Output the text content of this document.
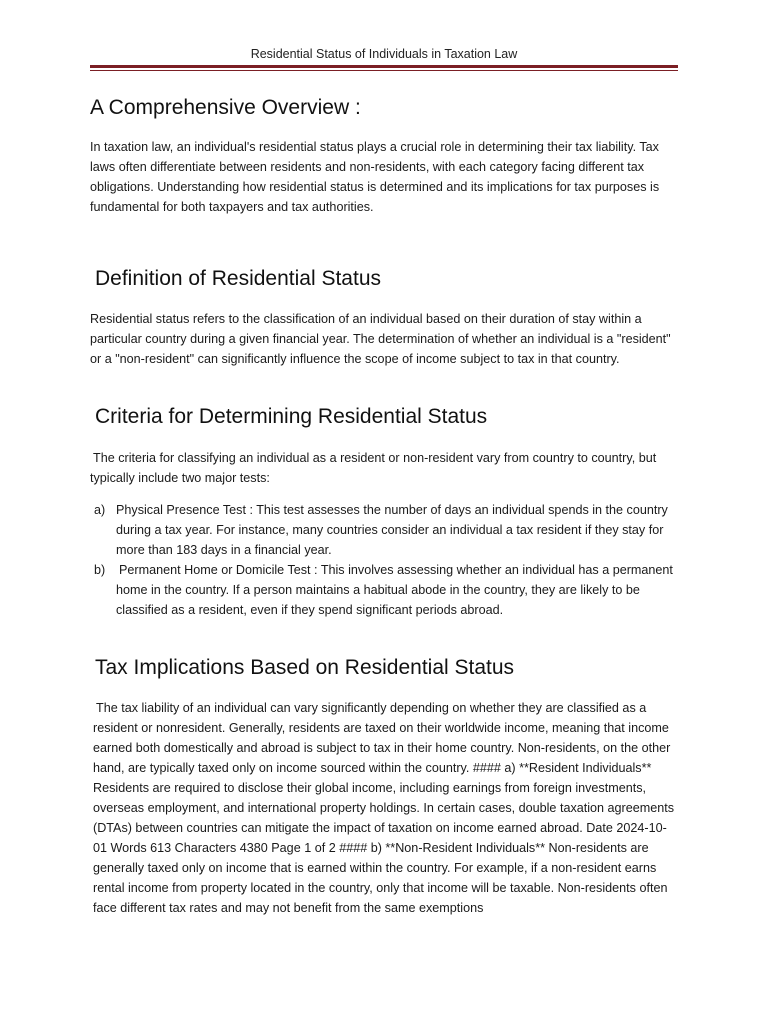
Residential Status of Individuals in Taxation Law
A Comprehensive Overview :

In taxation law, an individual's residential status plays a crucial role in determining their tax liability. Tax laws often differentiate between residents and non-residents, with each category facing different tax obligations. Understanding how residential status is determined and its implications for tax purposes is fundamental for both taxpayers and tax authorities.

Definition of Residential Status

Residential status refers to the classification of an individual based on their duration of stay within a particular country during a given financial year. The determination of whether an individual is a "resident" or a "non-resident" can significantly influence the scope of income subject to tax in that country.

Criteria for Determining Residential Status

The criteria for classifying an individual as a resident or non-resident vary from country to country, but typically include two major tests:

a) Physical Presence Test : This test assesses the number of days an individual spends in the country during a tax year. For instance, many countries consider an individual a tax resident if they stay for more than 183 days in a financial year.
b) Permanent Home or Domicile Test : This involves assessing whether an individual has a permanent home in the country. If a person maintains a habitual abode in the country, they are likely to be classified as a resident, even if they spend significant periods abroad.
Tax Implications Based on Residential Status

The tax liability of an individual can vary significantly depending on whether they are classified as a resident or nonresident. Generally, residents are taxed on their worldwide income, meaning that income earned both domestically and abroad is subject to tax in their home country. Non-residents, on the other hand, are typically taxed only on income sourced within the country. #### a) **Resident Individuals** Residents are required to disclose their global income, including earnings from foreign investments, overseas employment, and international property holdings. In certain cases, double taxation agreements (DTAs) between countries can mitigate the impact of taxation on income earned abroad. Date 2024-10-01 Words 613 Characters 4380 Page 1 of 2 #### b) **Non-Resident Individuals** Non-residents are generally taxed only on income that is earned within the country. For example, if a non-resident earns rental income from property located in the country, only that income will be taxable. Non-residents often face different tax rates and may not benefit from the same exemptions
